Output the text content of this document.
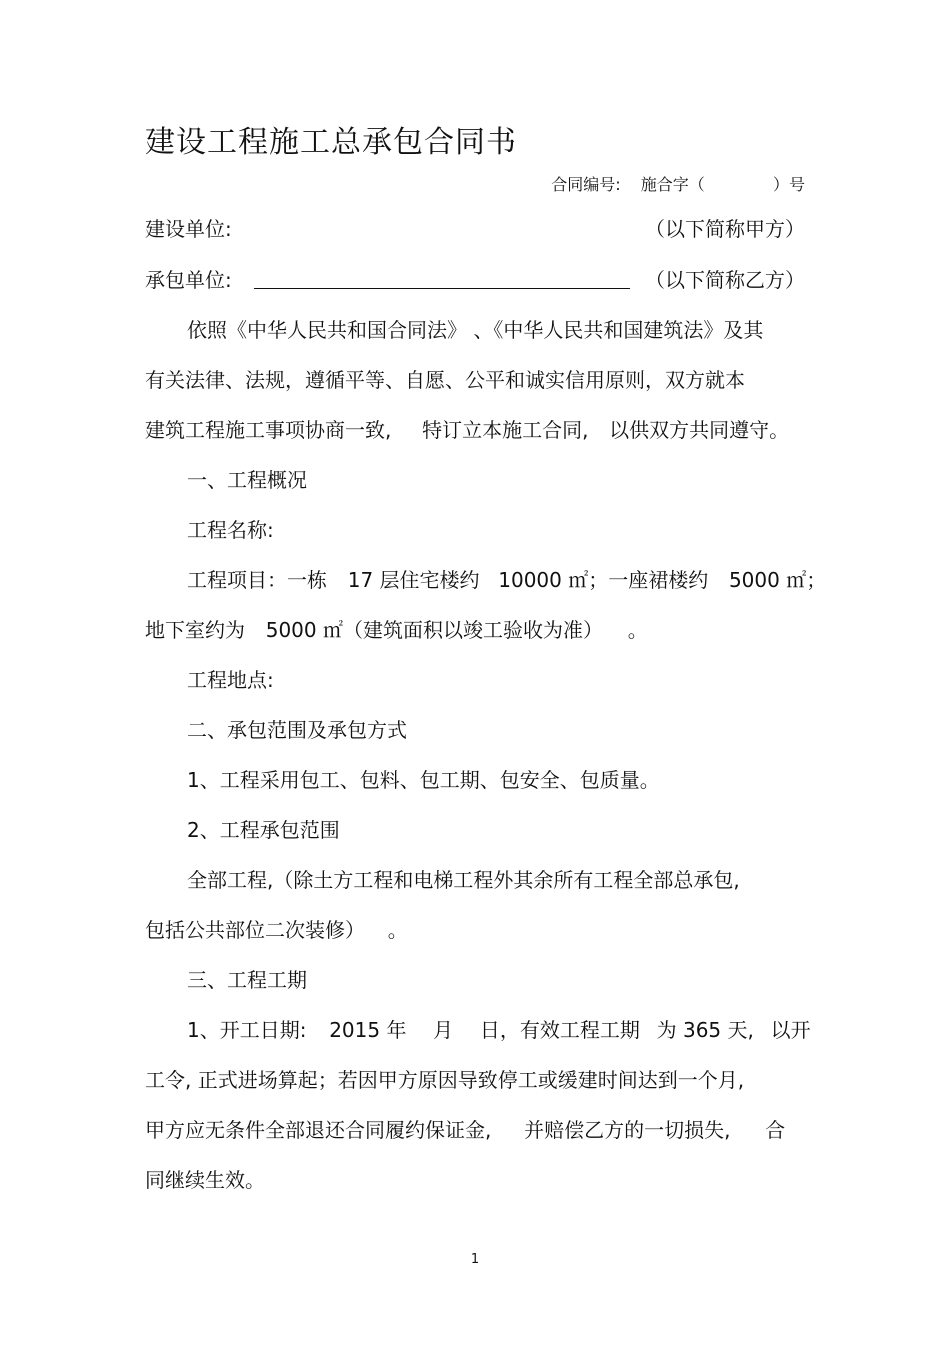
建设工程施工总承包合同书
合同编号: 施合字（	）号
建设单位:	（以下简称甲方）
承包单位:	（以下简称乙方）
依照《中华人民共和国合同法》 、《中华人民共和国建筑法》及其
有关法律、法规，遵循平等、自愿、公平和诚实信用原则，双方就本
建筑工程施工事项协商一致, 特订立本施工合同, 以供双方共同遵守。
一、工程概况
工程名称:
工程项目：一栋 17 层住宅楼约 10000 ㎡；一座裙楼约 5000 ㎡；
地下室约为 5000 ㎡（建筑面积以竣工验收为准） 。
工程地点:
二、承包范围及承包方式
1、工程采用包工、包料、包工期、包安全、包质量。
2、工程承包范围
全部工程,（除土方工程和电梯工程外其余所有工程全部总承包,
包括公共部位二次装修） 。
三、工程工期
1、开工日期: 2015 年 月 日，有效工程工期 为 365 天, 以开
工令, 正式进场算起；若因甲方原因导致停工或缓建时间达到一个月,
甲方应无条件全部退还合同履约保证金, 并赔偿乙方的一切损失, 合
同继续生效。
1
